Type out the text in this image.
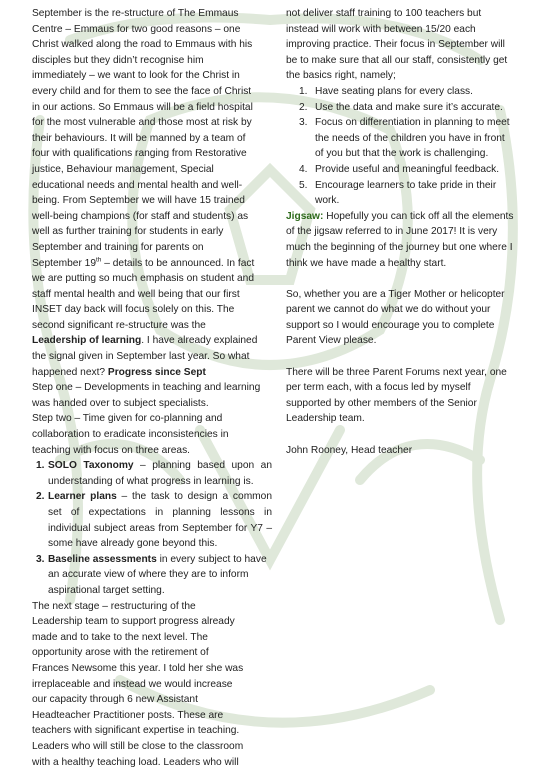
September is the re-structure of The Emmaus

Centre – Emmaus for two good reasons – one

Christ walked along the road to Emmaus with his

disciples but they didn’t recognise him

immediately – we want to look for the Christ in

every child and for them to see the face of Christ

in our actions. So Emmaus will be a field hospital

for the most vulnerable and those most at risk by

their behaviours. It will be manned by a team of

four with qualifications ranging from Restorative

justice, Behaviour management, Special

educational needs and mental health and well-

being. From September we will have 15 trained

well-being champions (for staff and students) as

well as further training for students in early

September and training for parents on

September 19th – details to be announced. In fact

we are putting so much emphasis on student and

staff mental health and well being that our first

INSET day back will focus solely on this. The

second significant re-structure was the

Leadership of learning. I have already explained

the signal given in September last year. So what

happened next? Progress since Sept

Step one – Developments in teaching and learning

was handed over to subject specialists.

Step two – Time given for co-planning and

collaboration to eradicate inconsistencies in

teaching with focus on three areas.

1. SOLO Taxonomy – planning based upon an understanding of what progress in learning is.
2. Learner plans – the task to design a common set of expectations in planning lessons in individual subject areas from September for Y7 – some have already gone beyond this.
3. Baseline assessments in every subject to have an accurate view of where they are to inform aspirational target setting.

The next stage – restructuring of the

Leadership team to support progress already

made and to take to the next level. The

opportunity arose with the retirement of

Frances Newsome this year. I told her she was

irreplaceable and instead we would increase

our capacity through 6 new Assistant

Headteacher Practitioner posts. These are

teachers with significant expertise in teaching.

Leaders who will still be close to the classroom

with a healthy teaching load. Leaders who will

not deliver staff training to 100 teachers but

instead will work with between 15/20 each

improving practice. Their focus in September will

be to make sure that all our staff, consistently get

the basics right, namely;

1. Have seating plans for every class.
2. Use the data and make sure it’s accurate.
3. Focus on differentiation in planning to meet the needs of the children you have in front of you but that the work is challenging.
4. Provide useful and meaningful feedback.
5. Encourage learners to take pride in their work.

Jigsaw: Hopefully you can tick off all the elements of the jigsaw referred to in June 2017! It is very much the beginning of the journey but one where I think we have made a healthy start.

So, whether you are a Tiger Mother or helicopter parent we cannot do what we do without your support so I would encourage you to complete Parent View please.

There will be three Parent Forums next year, one per term each, with a focus led by myself supported by other members of the Senior Leadership team.

John Rooney, Head teacher
